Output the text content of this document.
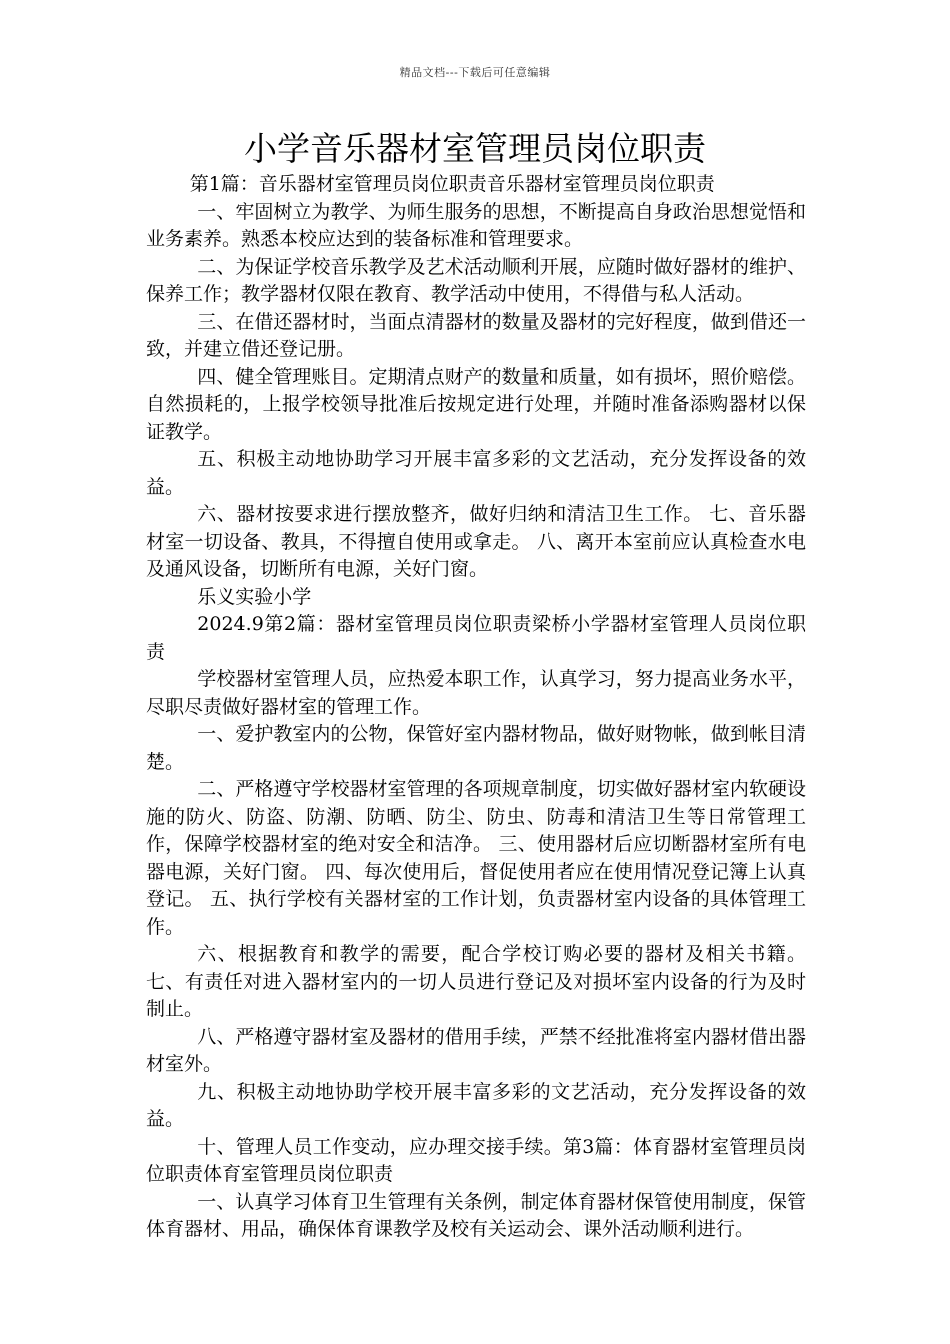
精品文档---下载后可任意编辑
小学音乐器材室管理员岗位职责

第1篇：音乐器材室管理员岗位职责音乐器材室管理员岗位职责

一、牢固树立为教学、为师生服务的思想，不断提高自身政治思想觉悟和业务素养。熟悉本校应达到的装备标准和管理要求。

二、为保证学校音乐教学及艺术活动顺利开展，应随时做好器材的维护、保养工作；教学器材仅限在教育、教学活动中使用，不得借与私人活动。

三、在借还器材时，当面点清器材的数量及器材的完好程度，做到借还一致，并建立借还登记册。

四、健全管理账目。定期清点财产的数量和质量，如有损坏，照价赔偿。自然损耗的，上报学校领导批准后按规定进行处理，并随时准备添购器材以保证教学。

五、积极主动地协助学习开展丰富多彩的文艺活动，充分发挥设备的效益。

六、器材按要求进行摆放整齐，做好归纳和清洁卫生工作。 七、音乐器材室一切设备、教具，不得擅自使用或拿走。 八、离开本室前应认真检查水电及通风设备，切断所有电源，关好门窗。

乐义实验小学

2024.9第2篇：器材室管理员岗位职责梁桥小学器材室管理人员岗位职责

学校器材室管理人员，应热爱本职工作，认真学习，努力提高业务水平，尽职尽责做好器材室的管理工作。

一、爱护教室内的公物，保管好室内器材物品，做好财物帐，做到帐目清楚。

二、严格遵守学校器材室管理的各项规章制度，切实做好器材室内软硬设施的防火、防盗、防潮、防晒、防尘、防虫、防毒和清洁卫生等日常管理工作，保障学校器材室的绝对安全和洁净。 三、使用器材后应切断器材室所有电器电源，关好门窗。 四、每次使用后，督促使用者应在使用情况登记簿上认真登记。 五、执行学校有关器材室的工作计划，负责器材室内设备的具体管理工作。

六、根据教育和教学的需要，配合学校订购必要的器材及相关书籍。 七、有责任对进入器材室内的一切人员进行登记及对损坏室内设备的行为及时制止。

八、严格遵守器材室及器材的借用手续，严禁不经批准将室内器材借出器材室外。

九、积极主动地协助学校开展丰富多彩的文艺活动，充分发挥设备的效益。

十、管理人员工作变动，应办理交接手续。第3篇：体育器材室管理员岗位职责体育室管理员岗位职责

一、认真学习体育卫生管理有关条例，制定体育器材保管使用制度，保管体育器材、用品，确保体育课教学及校有关运动会、课外活动顺利进行。
